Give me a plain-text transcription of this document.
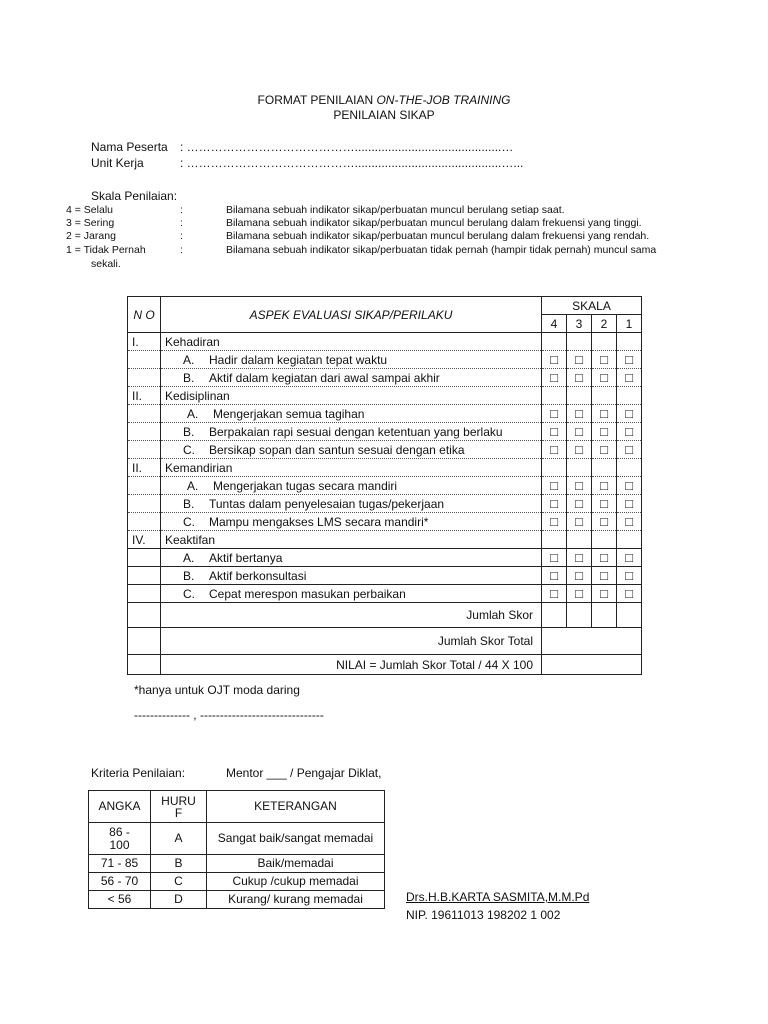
FORMAT PENILAIAN ON-THE-JOB TRAINING
PENILAIAN SIKAP
Nama Peserta : ……………………………………............................................…
Unit Kerja	: ……………………………………............................................…...
Skala Penilaian:
4 = Selalu	:	Bilamana sebuah indikator sikap/perbuatan muncul berulang setiap saat.
3 = Sering	:	Bilamana sebuah indikator sikap/perbuatan muncul berulang dalam frekuensi yang tinggi.
2 = Jarang	:	Bilamana sebuah indikator sikap/perbuatan muncul berulang dalam frekuensi yang rendah.
1 = Tidak Pernah	:	Bilamana sebuah indikator sikap/perbuatan tidak pernah (hampir tidak pernah) muncul sama
sekali.
N O	ASPEK EVALUASI SIKAP/PERILAKU	SKALA			
		4	3	2	1
I.	Kehadiran				
	A. Hadir dalam kegiatan tepat waktu	□	□	□	□
	B. Aktif dalam kegiatan dari awal sampai akhir	□	□	□	□
II.	Kedisiplinan				
	A. Mengerjakan semua tagihan	□	□	□	□
	B. Berpakaian rapi sesuai dengan ketentuan yang berlaku	□	□	□	□
	C. Bersikap sopan dan santun sesuai dengan etika	□	□	□	□
II.	Kemandirian				
	A. Mengerjakan tugas secara mandiri	□	□	□	□
	B. Tuntas dalam penyelesaian tugas/pekerjaan	□	□	□	□
	C. Mampu mengakses LMS secara mandiri*	□	□	□	□
IV.	Keaktifan				
	A. Aktif bertanya	□	□	□	□
	B. Aktif berkonsultasi	□	□	□	□
	C. Cepat merespon masukan perbaikan	□	□	□	□
	Jumlah Skor				
	Jumlah Skor Total				
	NILAI = Jumlah Skor Total / 44 X 100				
*hanya untuk OJT moda daring
-------------- , -------------------------------
Kriteria Penilaian:	Mentor ___ / Pengajar Diklat,
ANGKA	HURU F	KETERANGAN

86 - 100	A	Sangat baik/sangat memadai
71 - 85	B	Baik/memadai
56 - 70	C	Cukup /cukup memadai
< 56	D	Kurang/ kurang memadai	Drs.H.B.KARTA SASMITA,M.M.Pd
NIP. 19611013 198202 1 002
